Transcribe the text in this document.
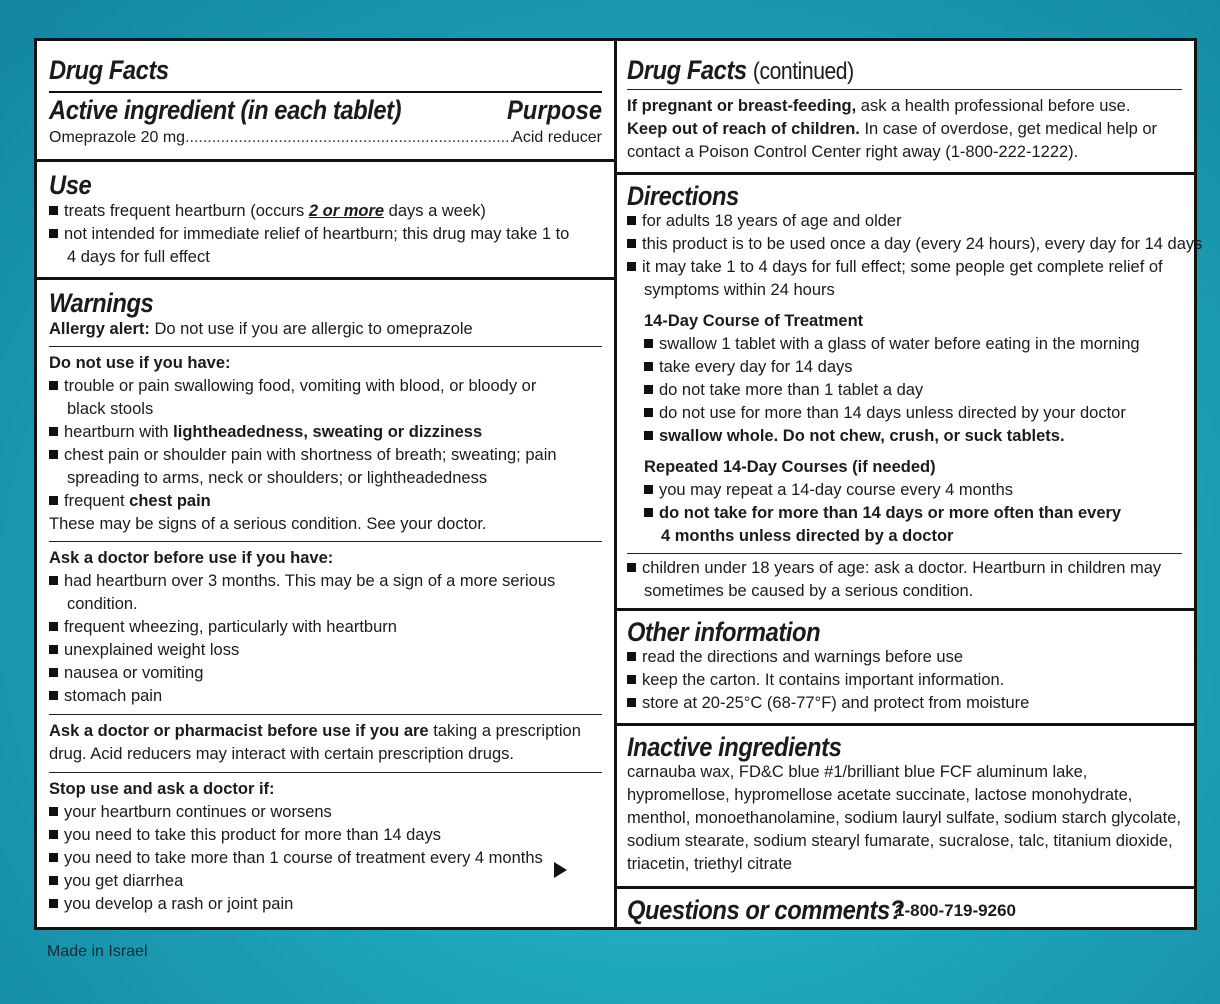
Drug Facts
Active ingredient (in each tablet)	Purpose
Omeprazole 20 mg
.....	Acid reducer
Use
treats frequent heartburn (occurs 2 or more days a week)
not intended for immediate relief of heartburn; this drug may take 1 to
4 days for full effect
Warnings
Allergy alert: Do not use if you are allergic to omeprazole
Do not use if you have:
trouble or pain swallowing food, vomiting with blood, or bloody or
black stools
heartburn with lightheadedness, sweating or dizziness
chest pain or shoulder pain with shortness of breath; sweating; pain
spreading to arms, neck or shoulders; or lightheadedness
frequent chest pain
These may be signs of a serious condition. See your doctor.
Ask a doctor before use if you have:
had heartburn over 3 months. This may be a sign of a more serious
condition.
frequent wheezing, particularly with heartburn
unexplained weight loss
nausea or vomiting
stomach pain
Ask a doctor or pharmacist before use if you are taking a prescription
drug. Acid reducers may interact with certain prescription drugs.
Stop use and ask a doctor if:
your heartburn continues or worsens
you need to take this product for more than 14 days
you need to take more than 1 course of treatment every 4 months
you get diarrhea
you develop a rash or joint pain
Drug Facts (continued)
If pregnant or breast-feeding, ask a health professional before use.
Keep out of reach of children. In case of overdose, get medical help or
contact a Poison Control Center right away (1-800-222-1222).
Directions
for adults 18 years of age and older
this product is to be used once a day (every 24 hours), every day for 14 days
it may take 1 to 4 days for full effect; some people get complete relief of
symptoms within 24 hours
14-Day Course of Treatment
swallow 1 tablet with a glass of water before eating in the morning
take every day for 14 days
do not take more than 1 tablet a day
do not use for more than 14 days unless directed by your doctor
swallow whole. Do not chew, crush, or suck tablets.
Repeated 14-Day Courses (if needed)
you may repeat a 14-day course every 4 months
do not take for more than 14 days or more often than every
4 months unless directed by a doctor
children under 18 years of age: ask a doctor. Heartburn in children may
sometimes be caused by a serious condition.
Other information
read the directions and warnings before use
keep the carton. It contains important information.
store at 20-25°C (68-77°F) and protect from moisture
Inactive ingredients
carnauba wax, FD&C blue #1/brilliant blue FCF aluminum lake,
hypromellose, hypromellose acetate succinate, lactose monohydrate,
menthol, monoethanolamine, sodium lauryl sulfate, sodium starch glycolate,
sodium stearate, sodium stearyl fumarate, sucralose, talc, titanium dioxide,
triacetin, triethyl citrate
Questions or comments?
1-800-719-9260
Made in Israel
